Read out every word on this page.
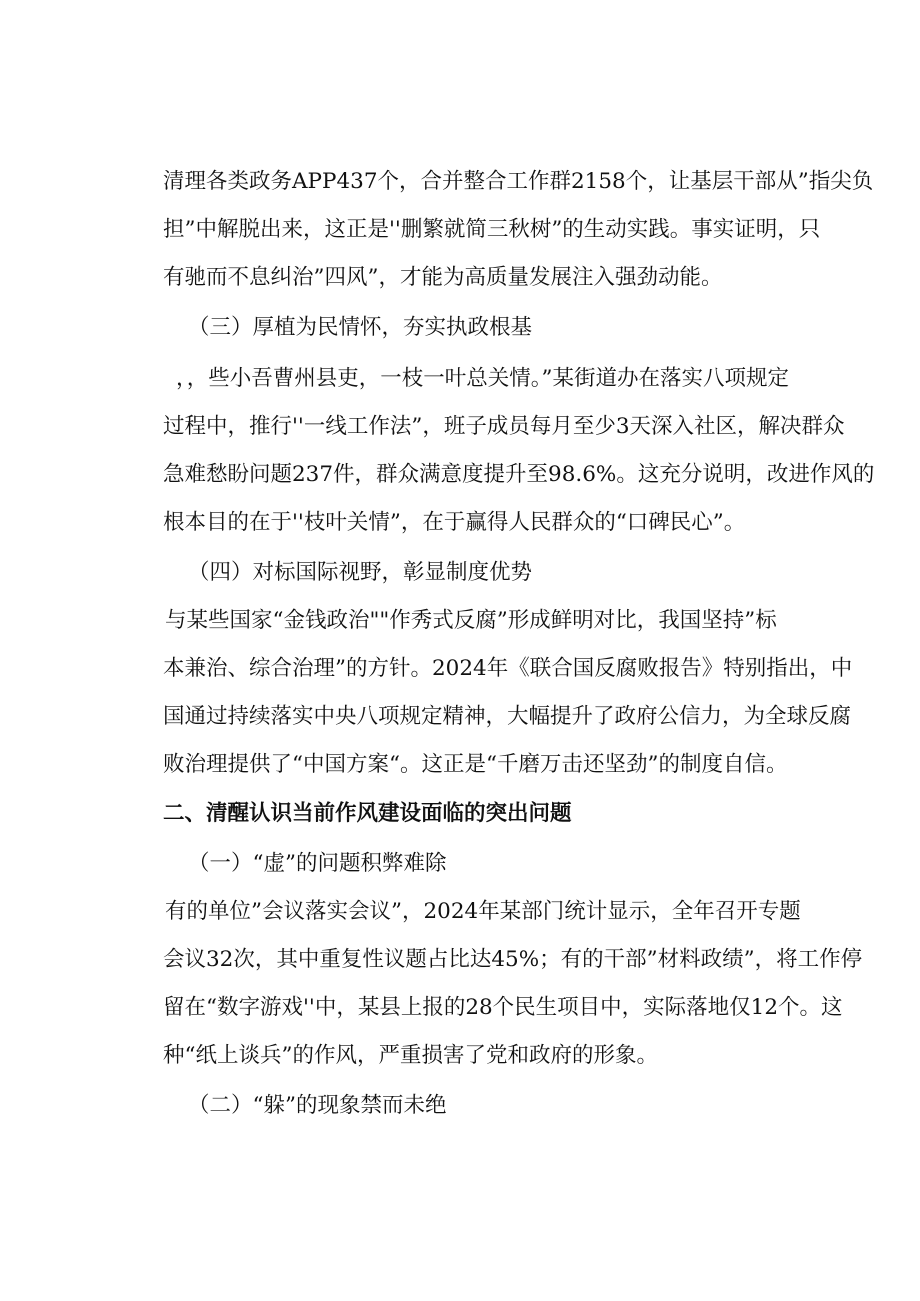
清理各类政务APP437个，合并整合工作群2158个，让基层干部从”指尖负
担”中解脱出来，这正是''删繁就简三秋树”的生动实践。事实证明，只
有驰而不息纠治”四风”，才能为高质量发展注入强劲动能。
（三）厚植为民情怀，夯实执政根基
，，些小吾曹州县吏，一枝一叶总关情。”某街道办在落实八项规定
过程中，推行''一线工作法”，班子成员每月至少3天深入社区，解决群众
急难愁盼问题237件，群众满意度提升至98.6%。这充分说明，改进作风的
根本目的在于''枝叶关情”，在于赢得人民群众的“口碑民心”。
（四）对标国际视野，彰显制度优势
与某些国家“金钱政治""作秀式反腐”形成鲜明对比，我国坚持”标
本兼治、综合治理”的方针。2024年《联合国反腐败报告》特别指出，中
国通过持续落实中央八项规定精神，大幅提升了政府公信力，为全球反腐
败治理提供了“中国方案“。这正是“千磨万击还坚劲”的制度自信。
二、清醒认识当前作风建设面临的突出问题
（一）“虚”的问题积弊难除
有的单位”会议落实会议”，2024年某部门统计显示，全年召开专题
会议32次，其中重复性议题占比达45%；有的干部”材料政绩”，将工作停
留在“数字游戏''中，某县上报的28个民生项目中，实际落地仅12个。这
种“纸上谈兵”的作风，严重损害了党和政府的形象。
（二）“躲”的现象禁而未绝
